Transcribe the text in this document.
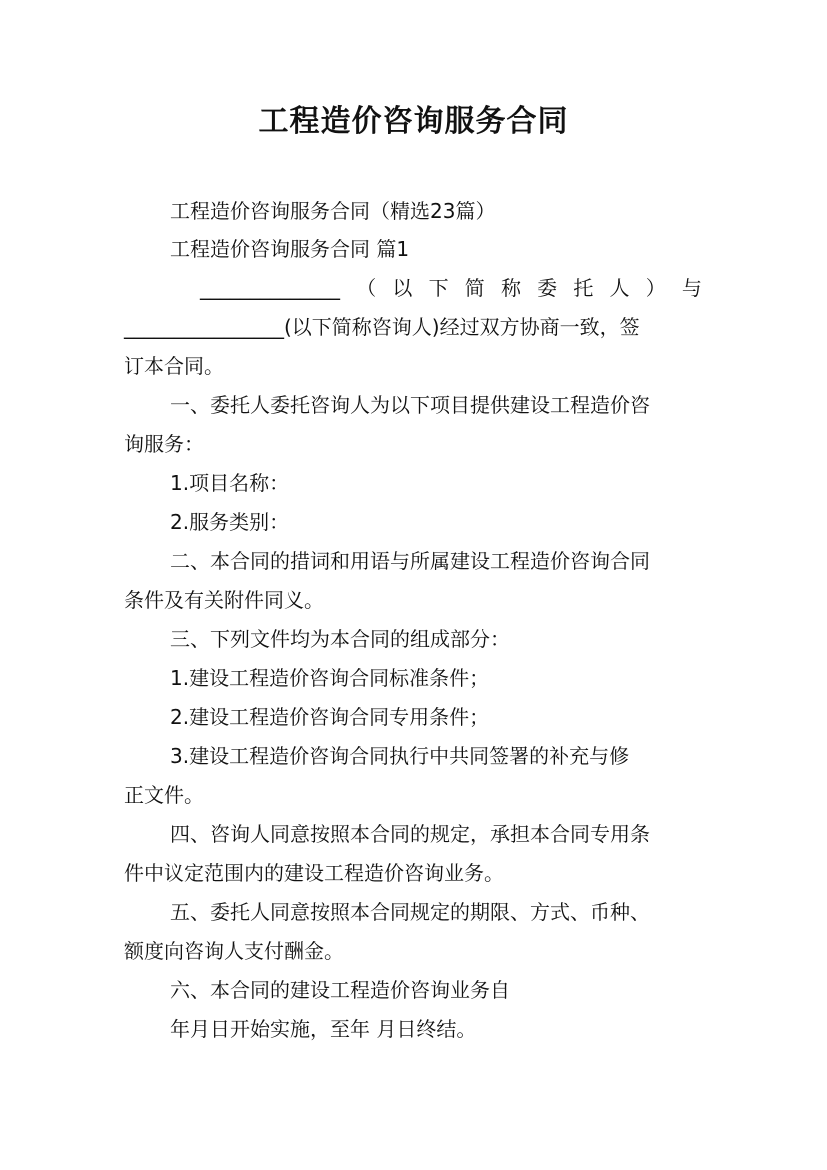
工程造价咨询服务合同
工程造价咨询服务合同（精选23篇）
工程造价咨询服务合同 篇1
______________ （ 以 下 简 称 委 托 人 ） 与
________________(以下简称咨询人)经过双方协商一致，签
订本合同。
一、委托人委托咨询人为以下项目提供建设工程造价咨
询服务：
1.项目名称：
2.服务类别：
二、本合同的措词和用语与所属建设工程造价咨询合同
条件及有关附件同义。
三、下列文件均为本合同的组成部分：
1.建设工程造价咨询合同标准条件；
2.建设工程造价咨询合同专用条件；
3.建设工程造价咨询合同执行中共同签署的补充与修
正文件。
四、咨询人同意按照本合同的规定，承担本合同专用条
件中议定范围内的建设工程造价咨询业务。
五、委托人同意按照本合同规定的期限、方式、币种、
额度向咨询人支付酬金。
六、本合同的建设工程造价咨询业务自
年月日开始实施，至年 月日终结。
